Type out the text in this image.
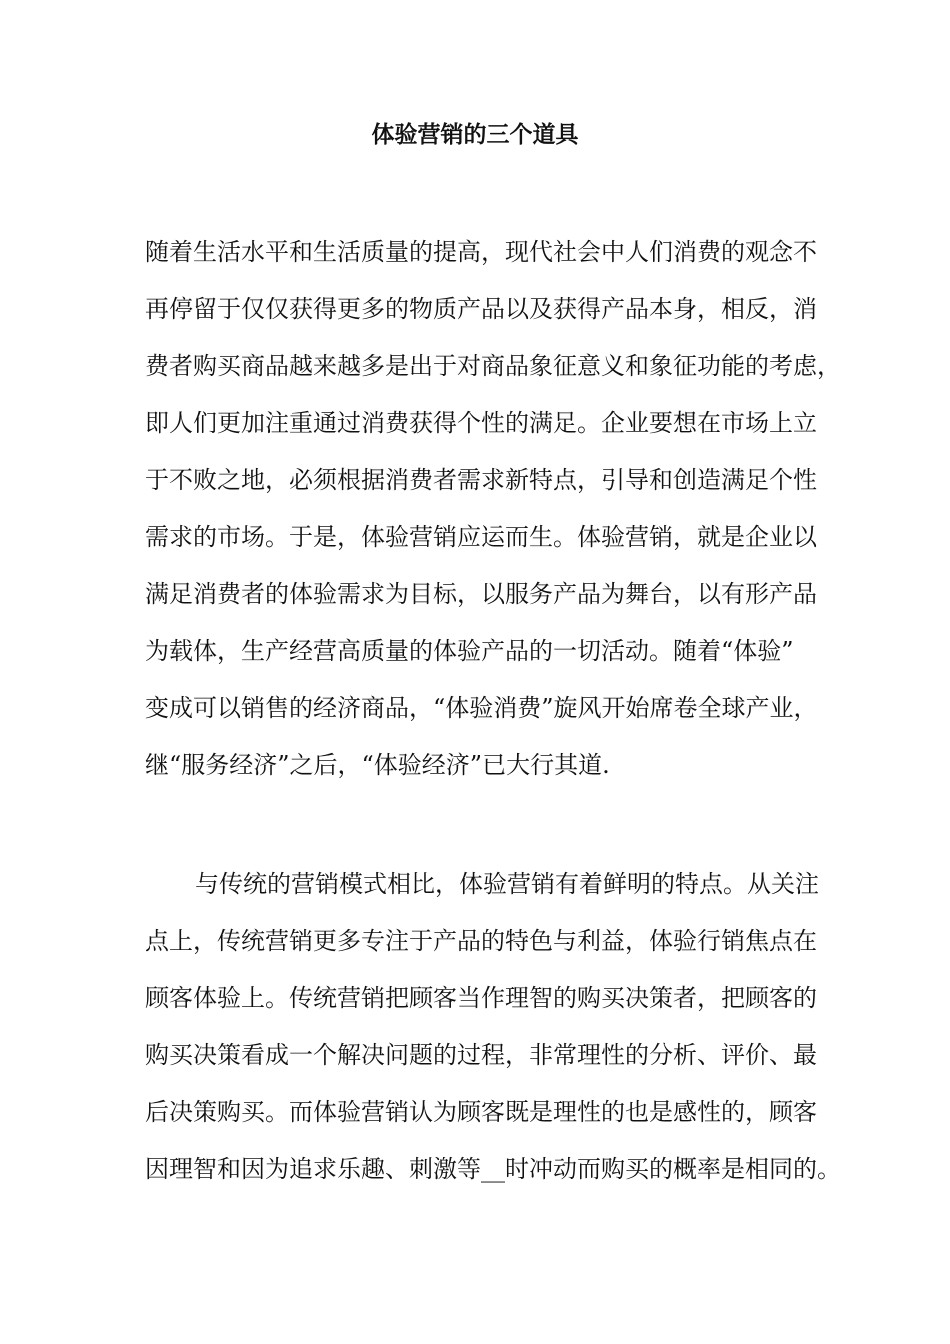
体验营销的三个道具
随着生活水平和生活质量的提高，现代社会中人们消费的观念不
再停留于仅仅获得更多的物质产品以及获得产品本身，相反，消
费者购买商品越来越多是出于对商品象征意义和象征功能的考虑，
即人们更加注重通过消费获得个性的满足。企业要想在市场上立
于不败之地，必须根据消费者需求新特点，引导和创造满足个性
需求的市场。于是，体验营销应运而生。体验营销，就是企业以
满足消费者的体验需求为目标，以服务产品为舞台，以有形产品
为载体，生产经营高质量的体验产品的一切活动。随着“体验”
变成可以销售的经济商品，“体验消费”旋风开始席卷全球产业，
继“服务经济”之后，“体验经济”已大行其道.
与传统的营销模式相比，体验营销有着鲜明的特点。从关注
点上，传统营销更多专注于产品的特色与利益，体验行销焦点在
顾客体验上。传统营销把顾客当作理智的购买决策者，把顾客的
购买决策看成一个解决问题的过程，非常理性的分析、评价、最
后决策购买。而体验营销认为顾客既是理性的也是感性的，顾客
因理智和因为追求乐趣、刺激等__时冲动而购买的概率是相同的。
